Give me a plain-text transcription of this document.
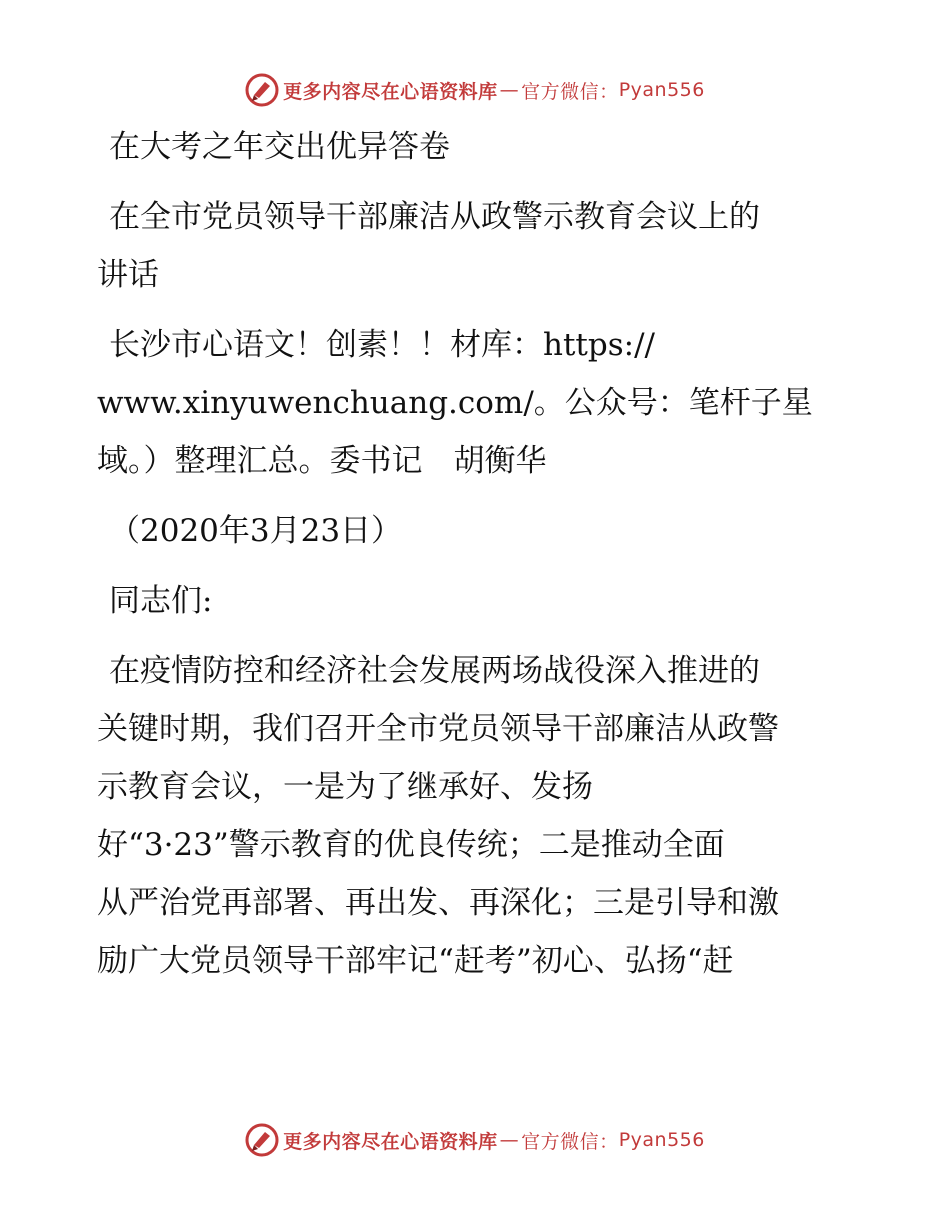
更多内容尽在心语资料库 — 官方微信： Pyan556
在大考之年交出优异答卷
在全市党员领导干部廉洁从政警示教育会议上的
讲话
长沙市心语文！创素！！材库：https://
www.xinyuwenchuang.com/。公众号：笔杆子星
域。）整理汇总。委书记　胡衡华
（2020年3月23日）
同志们:
在疫情防控和经济社会发展两场战役深入推进的
关键时期，我们召开全市党员领导干部廉洁从政警
示教育会议，一是为了继承好、发扬
好“3·23”警示教育的优良传统；二是推动全面
从严治党再部署、再出发、再深化；三是引导和激
励广大党员领导干部牢记“赶考”初心、弘扬“赶
更多内容尽在心语资料库 — 官方微信： Pyan556
